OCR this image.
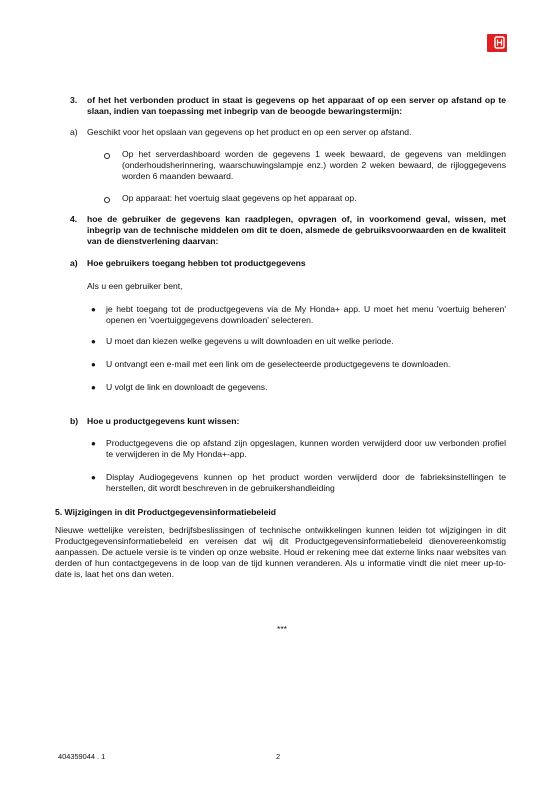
3. of het het verbonden product in staat is gegevens op het apparaat of op een server op afstand op te slaan, indien van toepassing met inbegrip van de beoogde bewaringstermijn:
a) Geschikt voor het opslaan van gegevens op het product en op een server op afstand.
Op het serverdashboard worden de gegevens 1 week bewaard, de gegevens van meldingen (onderhoudsherinnering, waarschuwingslampje enz.) worden 2 weken bewaard, de rijloggegevens worden 6 maanden bewaard.
Op apparaat: het voertuig slaat gegevens op het apparaat op.
4. hoe de gebruiker de gegevens kan raadplegen, opvragen of, in voorkomend geval, wissen, met inbegrip van de technische middelen om dit te doen, alsmede de gebruiksvoorwaarden en de kwaliteit van de dienstverlening daarvan:
a) Hoe gebruikers toegang hebben tot productgegevens
Als u een gebruiker bent,
● je hebt toegang tot de productgegevens via de My Honda+ app. U moet het menu 'voertuig beheren' openen en 'voertuiggegevens downloaden' selecteren.
● U moet dan kiezen welke gegevens u wilt downloaden en uit welke periode.
● U ontvangt een e-mail met een link om de geselecteerde productgegevens te downloaden.
● U volgt de link en downloadt de gegevens.
b) Hoe u productgegevens kunt wissen:
● Productgegevens die op afstand zijn opgeslagen, kunnen worden verwijderd door uw verbonden profiel te verwijderen in de My Honda+-app.
● Display Audiogegevens kunnen op het product worden verwijderd door de fabrieksinstellingen te herstellen, dit wordt beschreven in de gebruikershandleiding
5. Wijzigingen in dit Productgegevensinformatiebeleid
Nieuwe wettelijke vereisten, bedrijfsbeslissingen of technische ontwikkelingen kunnen leiden tot wijzigingen in dit Productgegevensinformatiebeleid en vereisen dat wij dit Productgegevensinformatiebeleid dienovereenkomstig aanpassen. De actuele versie is te vinden op onze website. Houd er rekening mee dat externe links naar websites van derden of hun contactgegevens in de loop van de tijd kunnen veranderen. Als u informatie vindt die niet meer up-to-date is, laat het ons dan weten.
***
404359044 . 1	2
